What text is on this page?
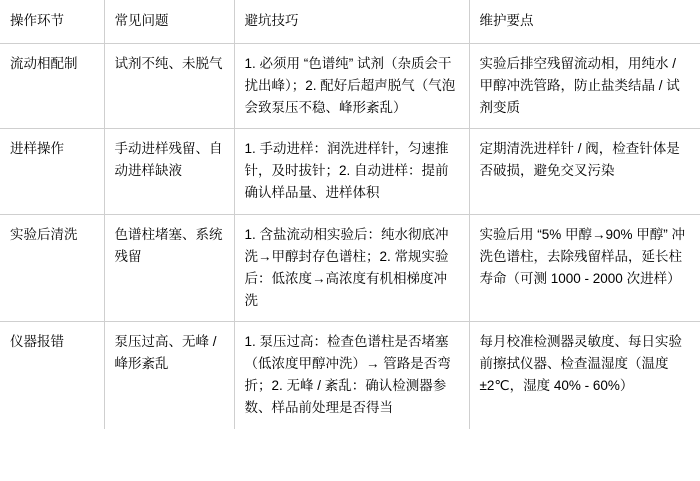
操作环节	常见问题	避坑技巧	维护要点

流动相配制	试剂不纯、未脱气	1. 必须用 “色谱纯” 试剂（杂质会干扰出峰）；2. 配好后超声脱气（气泡会致泵压不稳、峰形紊乱）	实验后排空残留流动相，用纯水 / 甲醇冲洗管路，防止盐类结晶 / 试剂变质

进样操作	手动进样残留、自动进样缺液	1. 手动进样：润洗进样针，匀速推针，及时拔针；2. 自动进样：提前确认样品量、进样体积	定期清洗进样针 / 阀，检查针体是否破损，避免交叉污染

实验后清洗	色谱柱堵塞、系统残留	1. 含盐流动相实验后：纯水彻底冲洗→甲醇封存色谱柱；2. 常规实验后：低浓度→高浓度有机相梯度冲洗	实验后用 “5% 甲醇→90% 甲醇” 冲洗色谱柱，去除残留样品，延长柱寿命（可测 1000 - 2000 次进样）

仪器报错	泵压过高、无峰 / 峰形紊乱	1. 泵压过高：检查色谱柱是否堵塞（低浓度甲醇冲洗）→ 管路是否弯折；2. 无峰 / 紊乱：确认检测器参数、样品前处理是否得当	每月校准检测器灵敏度、每日实验前擦拭仪器、检查温湿度（温度 ±2℃，湿度 40% - 60%）
